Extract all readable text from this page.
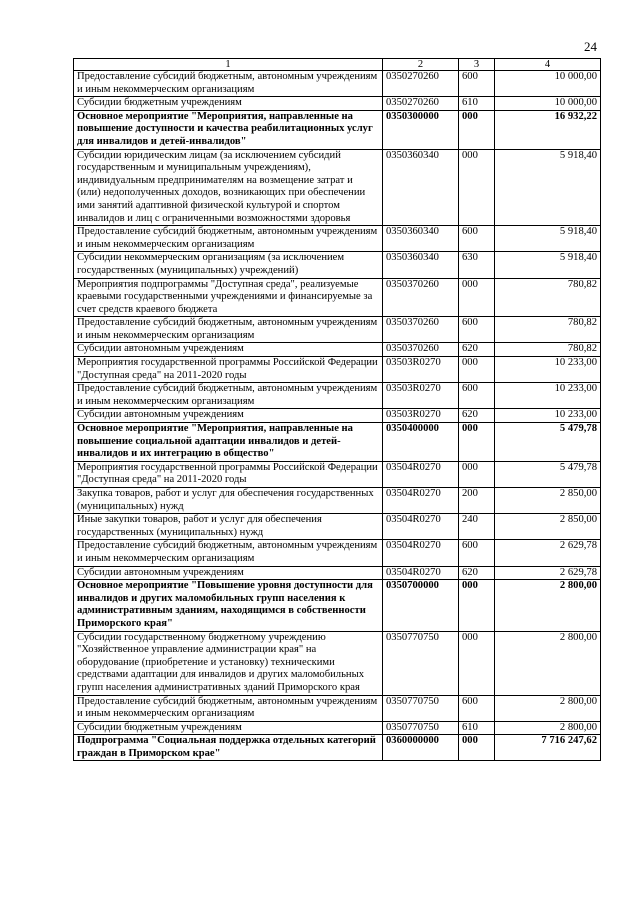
24
1	2	3	4
Предоставление субсидий бюджетным, автономным учреждениям и иным некоммерческим организациям	0350270260	600	10 000,00
Субсидии бюджетным учреждениям	0350270260	610	10 000,00
Основное мероприятие "Мероприятия, направленные на повышение доступности и качества реабилитационных услуг для инвалидов и детей-инвалидов"	0350300000	000	16 932,22
Субсидии юридическим лицам (за исключением субсидий государственным и муниципальным учреждениям), индивидуальным предпринимателям на возмещение затрат и (или) недополученных доходов, возникающих при обеспечении ими занятий адаптивной физической культурой и спортом инвалидов и лиц с ограниченными возможностями здоровья	0350360340	000	5 918,40
Предоставление субсидий бюджетным, автономным учреждениям и иным некоммерческим организациям	0350360340	600	5 918,40
Субсидии некоммерческим организациям (за исключением государственных (муниципальных) учреждений)	0350360340	630	5 918,40
Мероприятия подпрограммы "Доступная среда", реализуемые краевыми государственными учреждениями и финансируемые за счет средств краевого бюджета	0350370260	000	780,82
Предоставление субсидий бюджетным, автономным учреждениям и иным некоммерческим организациям	0350370260	600	780,82
Субсидии автономным учреждениям	0350370260	620	780,82
Мероприятия государственной программы Российской Федерации "Доступная среда" на 2011-2020 годы	03503R0270	000	10 233,00
Предоставление субсидий бюджетным, автономным учреждениям и иным некоммерческим организациям	03503R0270	600	10 233,00
Субсидии автономным учреждениям	03503R0270	620	10 233,00
Основное мероприятие "Мероприятия, направленные на повышение социальной адаптации инвалидов и детей-инвалидов и их интеграцию в общество"	0350400000	000	5 479,78
Мероприятия государственной программы Российской Федерации "Доступная среда" на 2011-2020 годы	03504R0270	000	5 479,78
Закупка товаров, работ и услуг для обеспечения государственных (муниципальных) нужд	03504R0270	200	2 850,00
Иные закупки товаров, работ и услуг для обеспечения государственных (муниципальных) нужд	03504R0270	240	2 850,00
Предоставление субсидий бюджетным, автономным учреждениям и иным некоммерческим организациям	03504R0270	600	2 629,78
Субсидии автономным учреждениям	03504R0270	620	2 629,78
Основное мероприятие "Повышение уровня доступности для инвалидов и других маломобильных групп населения к административным зданиям, находящимся в собственности Приморского края"	0350700000	000	2 800,00
Субсидии государственному бюджетному учреждению "Хозяйственное управление администрации края" на оборудование (приобретение и установку) техническими средствами адаптации для инвалидов и других маломобильных групп населения административных зданий Приморского края	0350770750	000	2 800,00
Предоставление субсидий бюджетным, автономным учреждениям и иным некоммерческим организациям	0350770750	600	2 800,00
Субсидии бюджетным учреждениям	0350770750	610	2 800,00
Подпрограмма "Социальная поддержка отдельных категорий граждан в Приморском крае"	0360000000	000	7 716 247,62
